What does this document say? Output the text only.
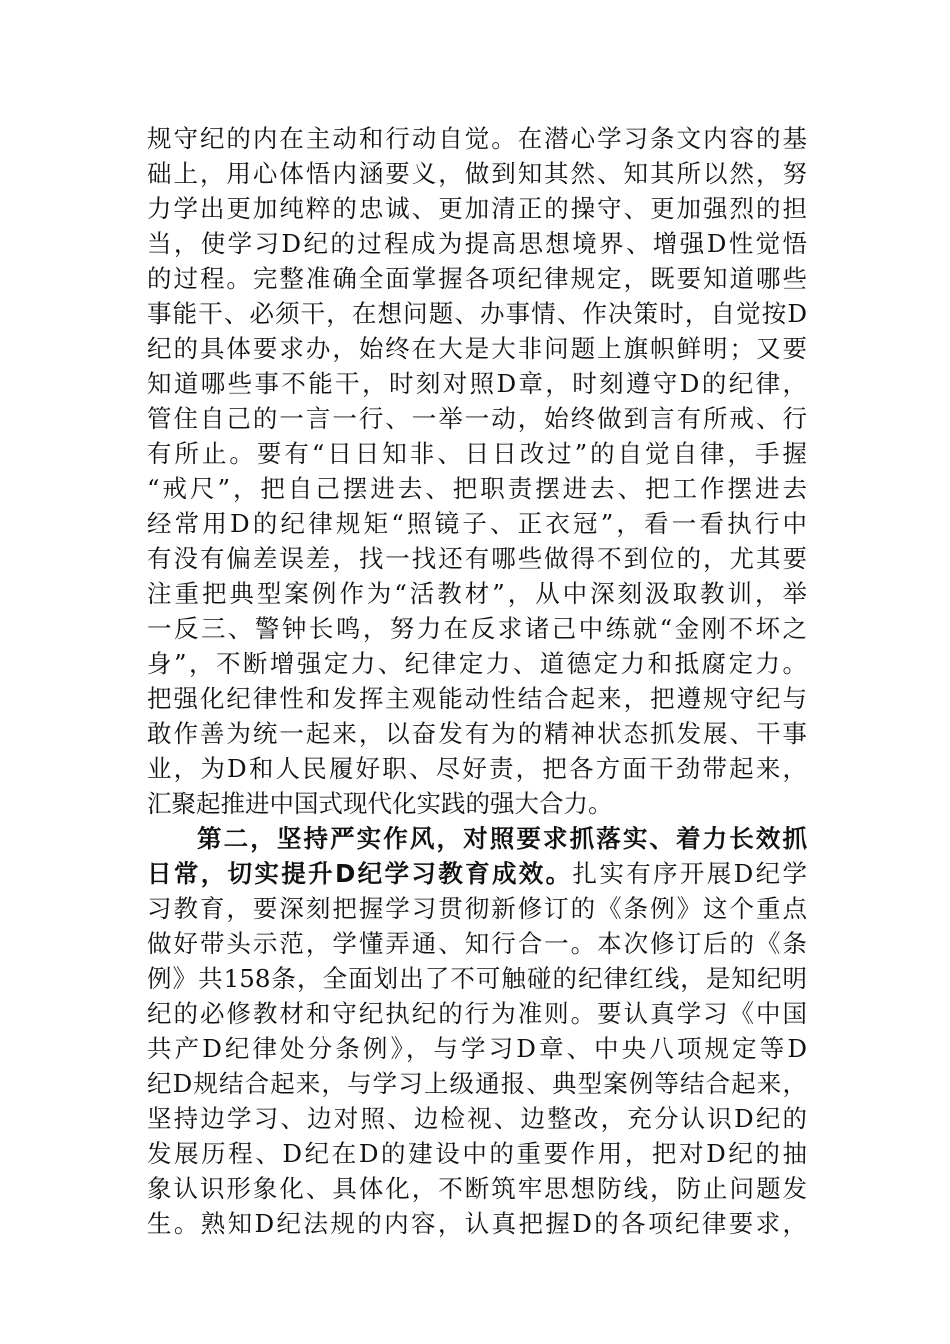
规守纪的内在主动和行动自觉。在潜心学习条文内容的基
础上，用心体悟内涵要义，做到知其然、知其所以然，努
力学出更加纯粹的忠诚、更加清正的操守、更加强烈的担
当，使学习D纪的过程成为提高思想境界、增强D性觉悟
的过程。完整准确全面掌握各项纪律规定，既要知道哪些
事能干、必须干，在想问题、办事情、作决策时，自觉按D
纪的具体要求办，始终在大是大非问题上旗帜鲜明；又要
知道哪些事不能干，时刻对照D章，时刻遵守D的纪律，
管住自己的一言一行、一举一动，始终做到言有所戒、行
有所止。要有“日日知非、日日改过”的自觉自律，手握
“戒尺”，把自己摆进去、把职责摆进去、把工作摆进去
经常用D的纪律规矩“照镜子、正衣冠”，看一看执行中
有没有偏差误差，找一找还有哪些做得不到位的，尤其要
注重把典型案例作为“活教材”，从中深刻汲取教训，举
一反三、警钟长鸣，努力在反求诸己中练就“金刚不坏之
身”，不断增强定力、纪律定力、道德定力和抵腐定力。
把强化纪律性和发挥主观能动性结合起来，把遵规守纪与
敢作善为统一起来，以奋发有为的精神状态抓发展、干事
业，为D和人民履好职、尽好责，把各方面干劲带起来，
汇聚起推进中国式现代化实践的强大合力。
第二，坚持严实作风，对照要求抓落实、着力长效抓
日常，切实提升D纪学习教育成效。扎实有序开展D纪学
习教育，要深刻把握学习贯彻新修订的《条例》这个重点
做好带头示范，学懂弄通、知行合一。本次修订后的《条
例》共158条，全面划出了不可触碰的纪律红线，是知纪明
纪的必修教材和守纪执纪的行为准则。要认真学习《中国
共产D纪律处分条例》，与学习D章、中央八项规定等D
纪D规结合起来，与学习上级通报、典型案例等结合起来，
坚持边学习、边对照、边检视、边整改，充分认识D纪的
发展历程、D纪在D的建设中的重要作用，把对D纪的抽
象认识形象化、具体化，不断筑牢思想防线，防止问题发
生。熟知D纪法规的内容，认真把握D的各项纪律要求，
